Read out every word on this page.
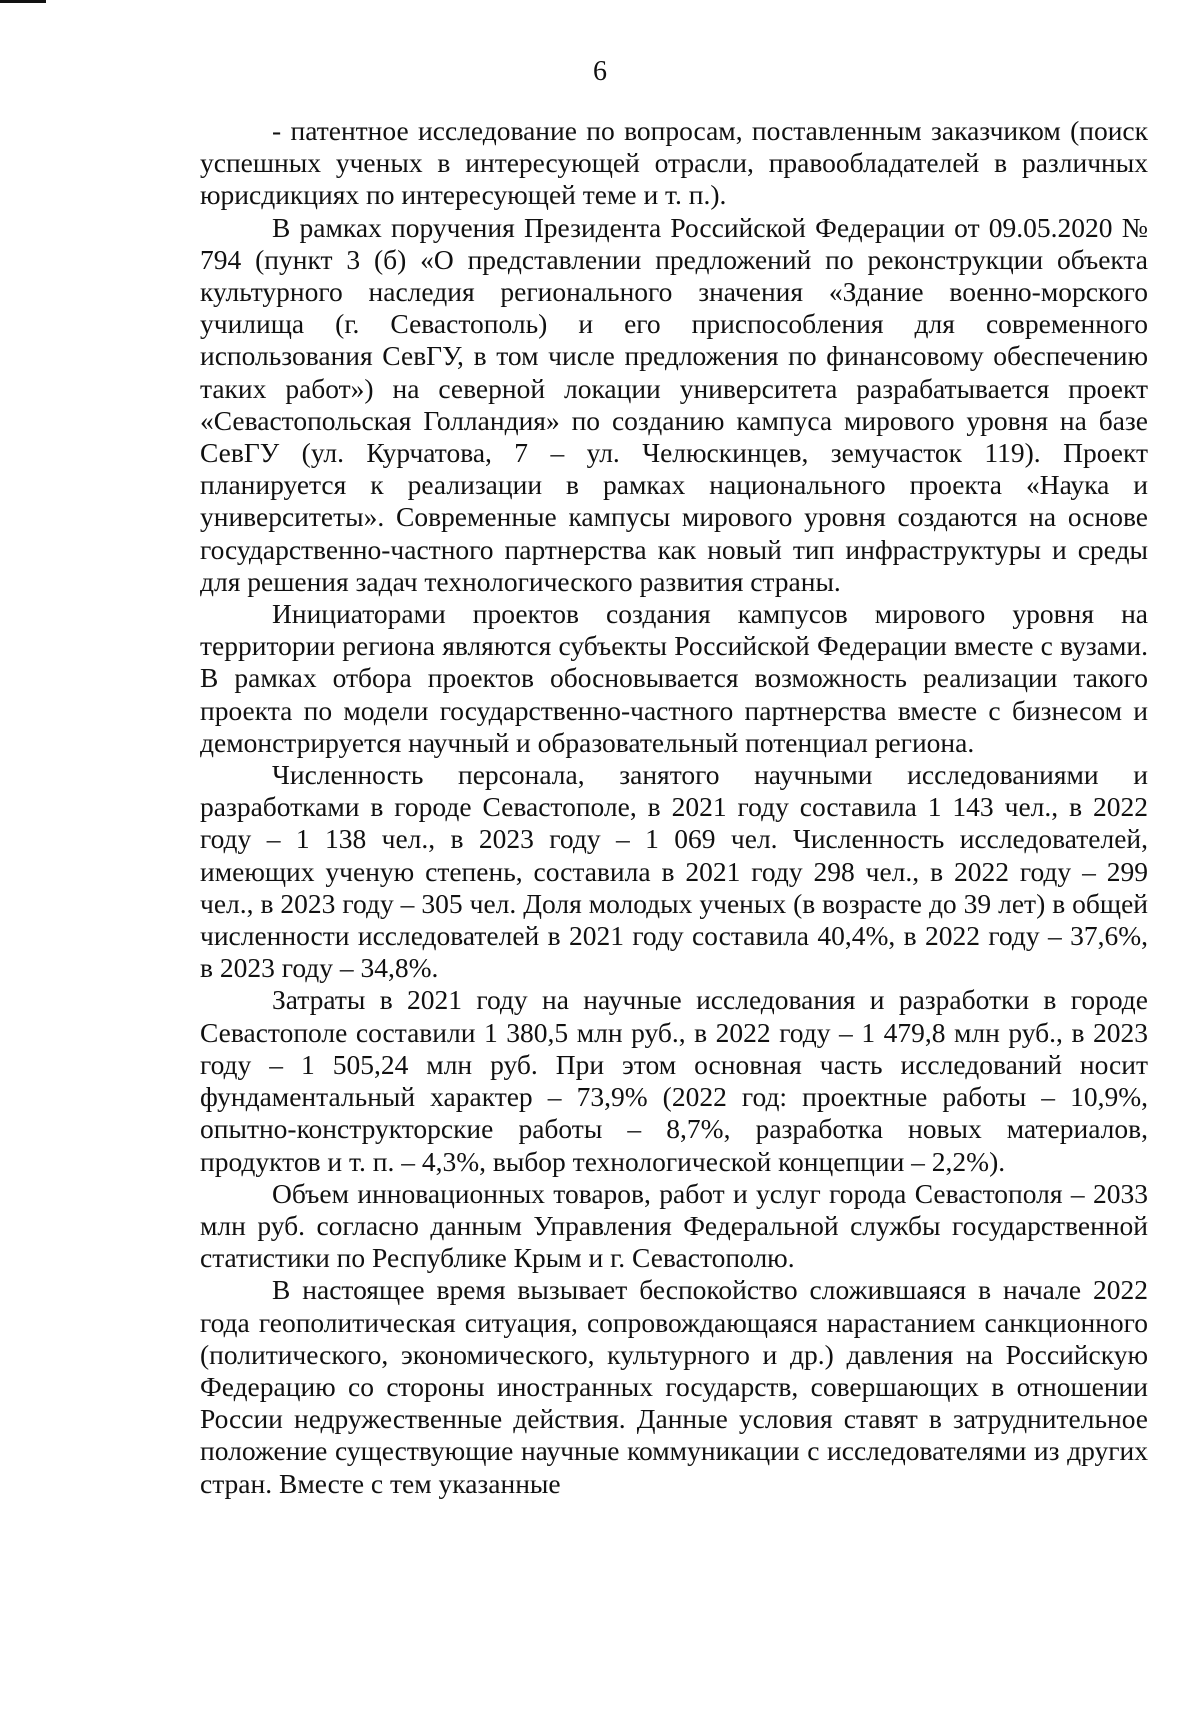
6

- патентное исследование по вопросам, поставленным заказчиком (поиск успешных ученых в интересующей отрасли, правообладателей в различных юрисдикциях по интересующей теме и т. п.).

В рамках поручения Президента Российской Федерации от 09.05.2020 № 794 (пункт 3 (б) «О представлении предложений по реконструкции объекта культурного наследия регионального значения «Здание военно-морского училища (г. Севастополь) и его приспособления для современного использования СевГУ, в том числе предложения по финансовому обеспечению таких работ») на северной локации университета разрабатывается проект «Севастопольская Голландия» по созданию кампуса мирового уровня на базе СевГУ (ул. Курчатова, 7 – ул. Челюскинцев, земучасток 119). Проект планируется к реализации в рамках национального проекта «Наука и университеты». Современные кампусы мирового уровня создаются на основе государственно-частного партнерства как новый тип инфраструктуры и среды для решения задач технологического развития страны.

Инициаторами проектов создания кампусов мирового уровня на территории региона являются субъекты Российской Федерации вместе с вузами. В рамках отбора проектов обосновывается возможность реализации такого проекта по модели государственно-частного партнерства вместе с бизнесом и демонстрируется научный и образовательный потенциал региона.

Численность персонала, занятого научными исследованиями и разработками в городе Севастополе, в 2021 году составила 1 143 чел., в 2022 году – 1 138 чел., в 2023 году – 1 069 чел. Численность исследователей, имеющих ученую степень, составила в 2021 году 298 чел., в 2022 году – 299 чел., в 2023 году – 305 чел. Доля молодых ученых (в возрасте до 39 лет) в общей численности исследователей в 2021 году составила 40,4%, в 2022 году – 37,6%, в 2023 году – 34,8%.

Затраты в 2021 году на научные исследования и разработки в городе Севастополе составили 1 380,5 млн руб., в 2022 году – 1 479,8 млн руб., в 2023 году – 1 505,24 млн руб. При этом основная часть исследований носит фундаментальный характер – 73,9% (2022 год: проектные работы – 10,9%, опытно-конструкторские работы – 8,7%, разработка новых материалов, продуктов и т. п. – 4,3%, выбор технологической концепции – 2,2%).

Объем инновационных товаров, работ и услуг города Севастополя – 2033 млн руб. согласно данным Управления Федеральной службы государственной статистики по Республике Крым и г. Севастополю.

В настоящее время вызывает беспокойство сложившаяся в начале 2022 года геополитическая ситуация, сопровождающаяся нарастанием санкционного (политического, экономического, культурного и др.) давления на Российскую Федерацию со стороны иностранных государств, совершающих в отношении России недружественные действия. Данные условия ставят в затруднительное положение существующие научные коммуникации с исследователями из других стран. Вместе с тем указанные
